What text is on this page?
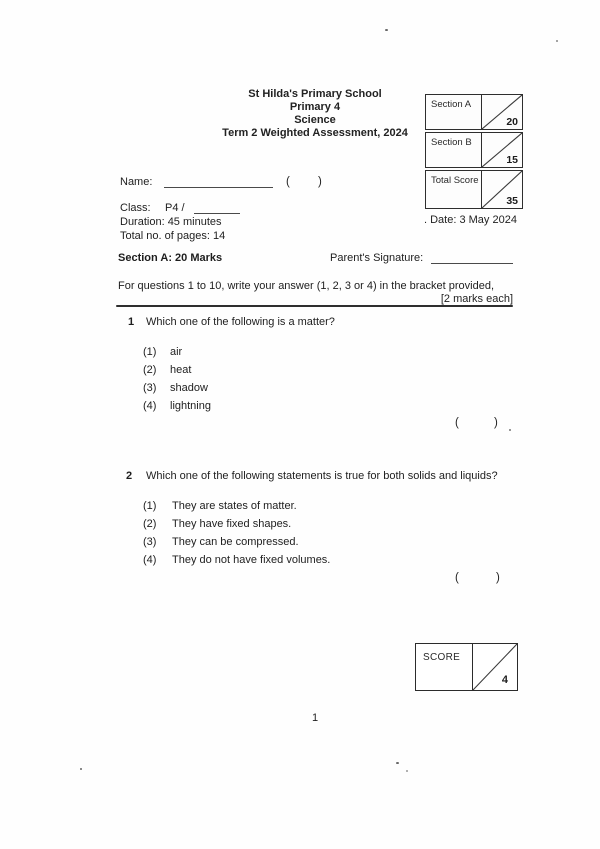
St Hilda's Primary School
Primary 4
Science
Term 2 Weighted Assessment, 2024
Section A
20
Section B
15
Total Score
35
. Date: 3 May 2024
Name:	( )
Class: P4 /
Duration: 45 minutes
Total no. of pages: 14
Section A: 20 Marks	Parent's Signature:
For questions 1 to 10, write your answer (1, 2, 3 or 4) in the bracket provided,
[2 marks each]
1 Which one of the following is a matter?
(1) air
(2) heat
(3) shadow
(4) lightning
(	)
2 Which one of the following statements is true for both solids and liquids?
(1) They are states of matter.
(2) They have fixed shapes.
(3) They can be compressed.
(4) They do not have fixed volumes.
(	)
SCORE
4
1
